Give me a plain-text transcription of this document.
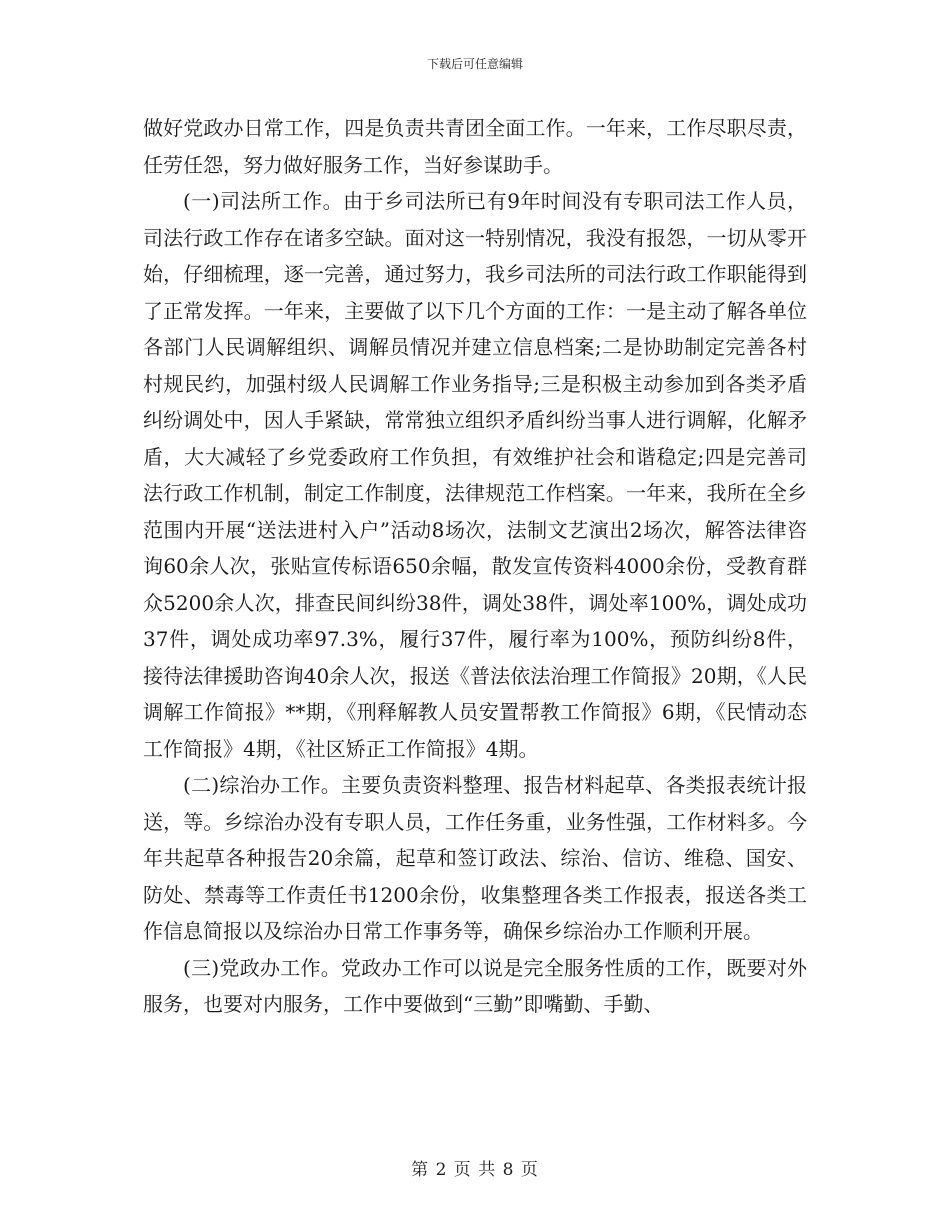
下载后可任意编辑

做好党政办日常工作，四是负责共青团全面工作。一年来，工作尽职尽责，任劳任怨，努力做好服务工作，当好参谋助手。

(一)司法所工作。由于乡司法所已有9年时间没有专职司法工作人员，司法行政工作存在诸多空缺。面对这一特别情况，我没有报怨，一切从零开始，仔细梳理，逐一完善，通过努力，我乡司法所的司法行政工作职能得到了正常发挥。一年来，主要做了以下几个方面的工作：一是主动了解各单位各部门人民调解组织、调解员情况并建立信息档案;二是协助制定完善各村村规民约，加强村级人民调解工作业务指导;三是积极主动参加到各类矛盾纠纷调处中，因人手紧缺，常常独立组织矛盾纠纷当事人进行调解，化解矛盾，大大减轻了乡党委政府工作负担，有效维护社会和谐稳定;四是完善司法行政工作机制，制定工作制度，法律规范工作档案。一年来，我所在全乡范围内开展“送法进村入户”活动8场次，法制文艺演出2场次，解答法律咨询60余人次，张贴宣传标语650余幅，散发宣传资料4000余份，受教育群众5200余人次，排查民间纠纷38件，调处38件，调处率100%，调处成功37件，调处成功率97.3%，履行37件，履行率为100%，预防纠纷8件，接待法律援助咨询40余人次，报送《普法依法治理工作简报》20期，《人民调解工作简报》**期，《刑释解教人员安置帮教工作简报》6期，《民情动态工作简报》4期，《社区矫正工作简报》4期。

(二)综治办工作。主要负责资料整理、报告材料起草、各类报表统计报送，等。乡综治办没有专职人员，工作任务重，业务性强，工作材料多。今年共起草各种报告20余篇，起草和签订政法、综治、信访、维稳、国安、防处、禁毒等工作责任书1200余份，收集整理各类工作报表，报送各类工作信息简报以及综治办日常工作事务等，确保乡综治办工作顺利开展。

(三)党政办工作。党政办工作可以说是完全服务性质的工作，既要对外服务，也要对内服务，工作中要做到“三勤”即嘴勤、手勤、

第 2 页 共 8 页
